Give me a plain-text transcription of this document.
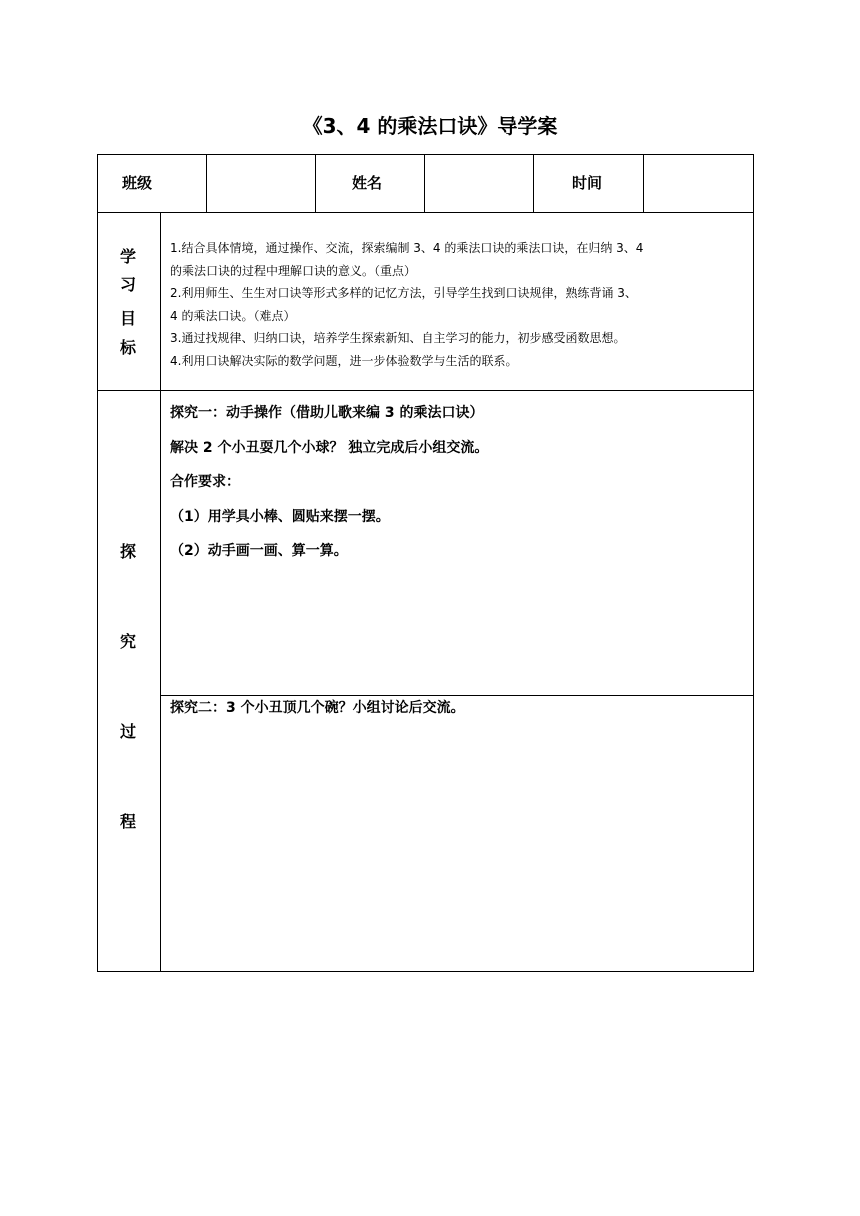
《3、4 的乘法口诀》导学案
班级	姓名	时间
学
习
目
标

1.结合具体情境，通过操作、交流，探索编制 3、4 的乘法口诀的乘法口诀，在归纳 3、4

的乘法口诀的过程中理解口诀的意义。（重点）

2.利用师生、生生对口诀等形式多样的记忆方法，引导学生找到口诀规律，熟练背诵 3、

4 的乘法口诀。（难点）

3.通过找规律、归纳口诀，培养学生探索新知、自主学习的能力，初步感受函数思想。

4.利用口诀解决实际的数学问题，进一步体验数学与生活的联系。

探
究
过
程
探究一：动手操作（借助儿歌来编 3 的乘法口诀）
解决 2 个小丑耍几个小球？ 独立完成后小组交流。
合作要求：
（1）用学具小棒、圆贴来摆一摆。
（2）动手画一画、算一算。
探究二：3 个小丑顶几个碗？小组讨论后交流。
